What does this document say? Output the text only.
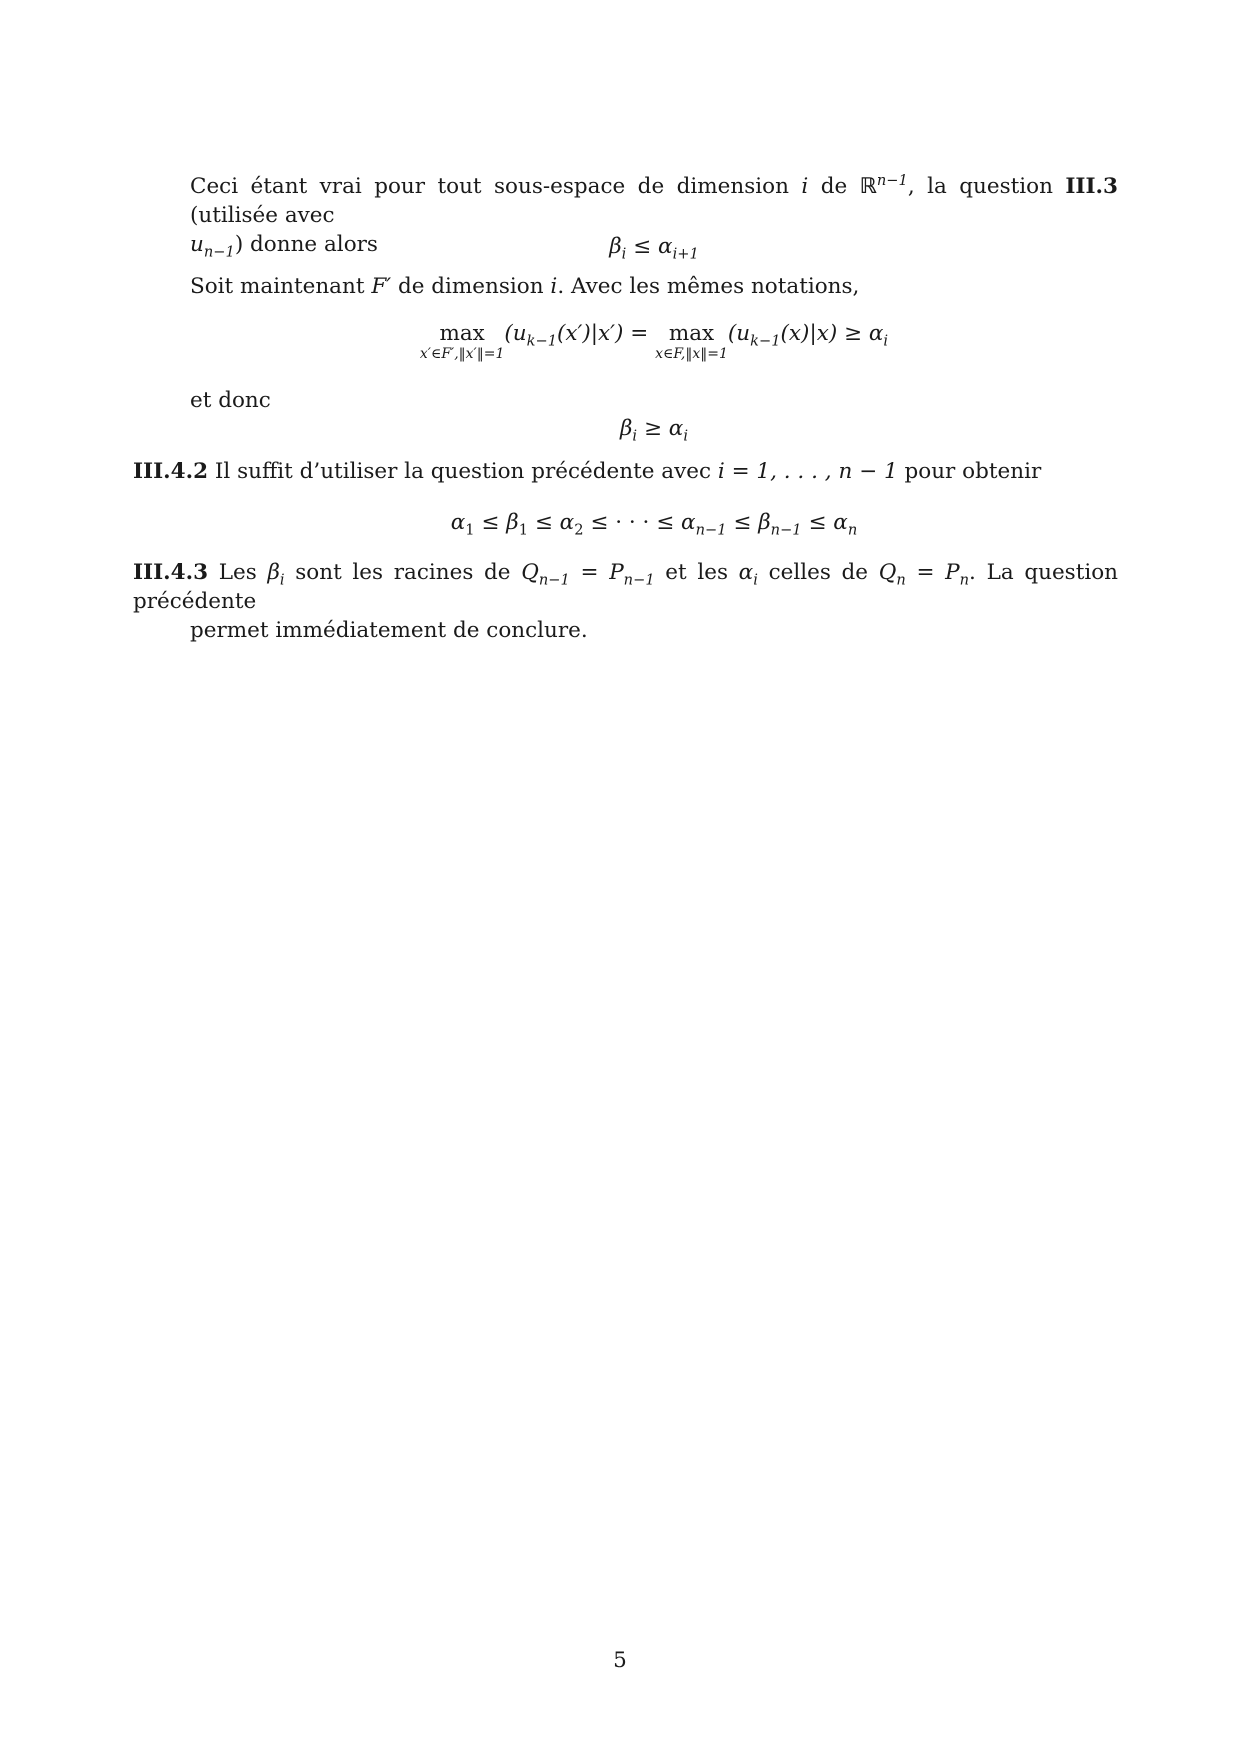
Ceci étant vrai pour tout sous-espace de dimension i de ℝ$^{n-1}$, la question III.3 (utilisée avec
$u_{n-1}$) donne alors	$\beta_i \le \alpha_{i+1}$
Soit maintenant F′ de dimension i. Avec les mêmes notations,
max
x′∈F′,‖x′‖=1
$(u_{k-1}(x')|x') = \max$
x∈F,‖x‖=1
$(u_{k-1}(x)|x) \ge \alpha_i$
et donc
$\beta_i \ge \alpha_i$
III.4.2 Il suffit d’utiliser la question précédente avec i = 1, . . . , n − 1 pour obtenir
$\alpha_1 \le \beta_1 \le \alpha_2$ ≤ · · · ≤ $\alpha_{n-1} \le \beta_{n-1} \le \alpha_n$
III.4.3 Les $\beta_i$ sont les racines de $Q_{n-1} = P_{n-1}$ et les $\alpha_i$ celles de $Q_n = P_n$. La question précédente
permet immédiatement de conclure.
5
